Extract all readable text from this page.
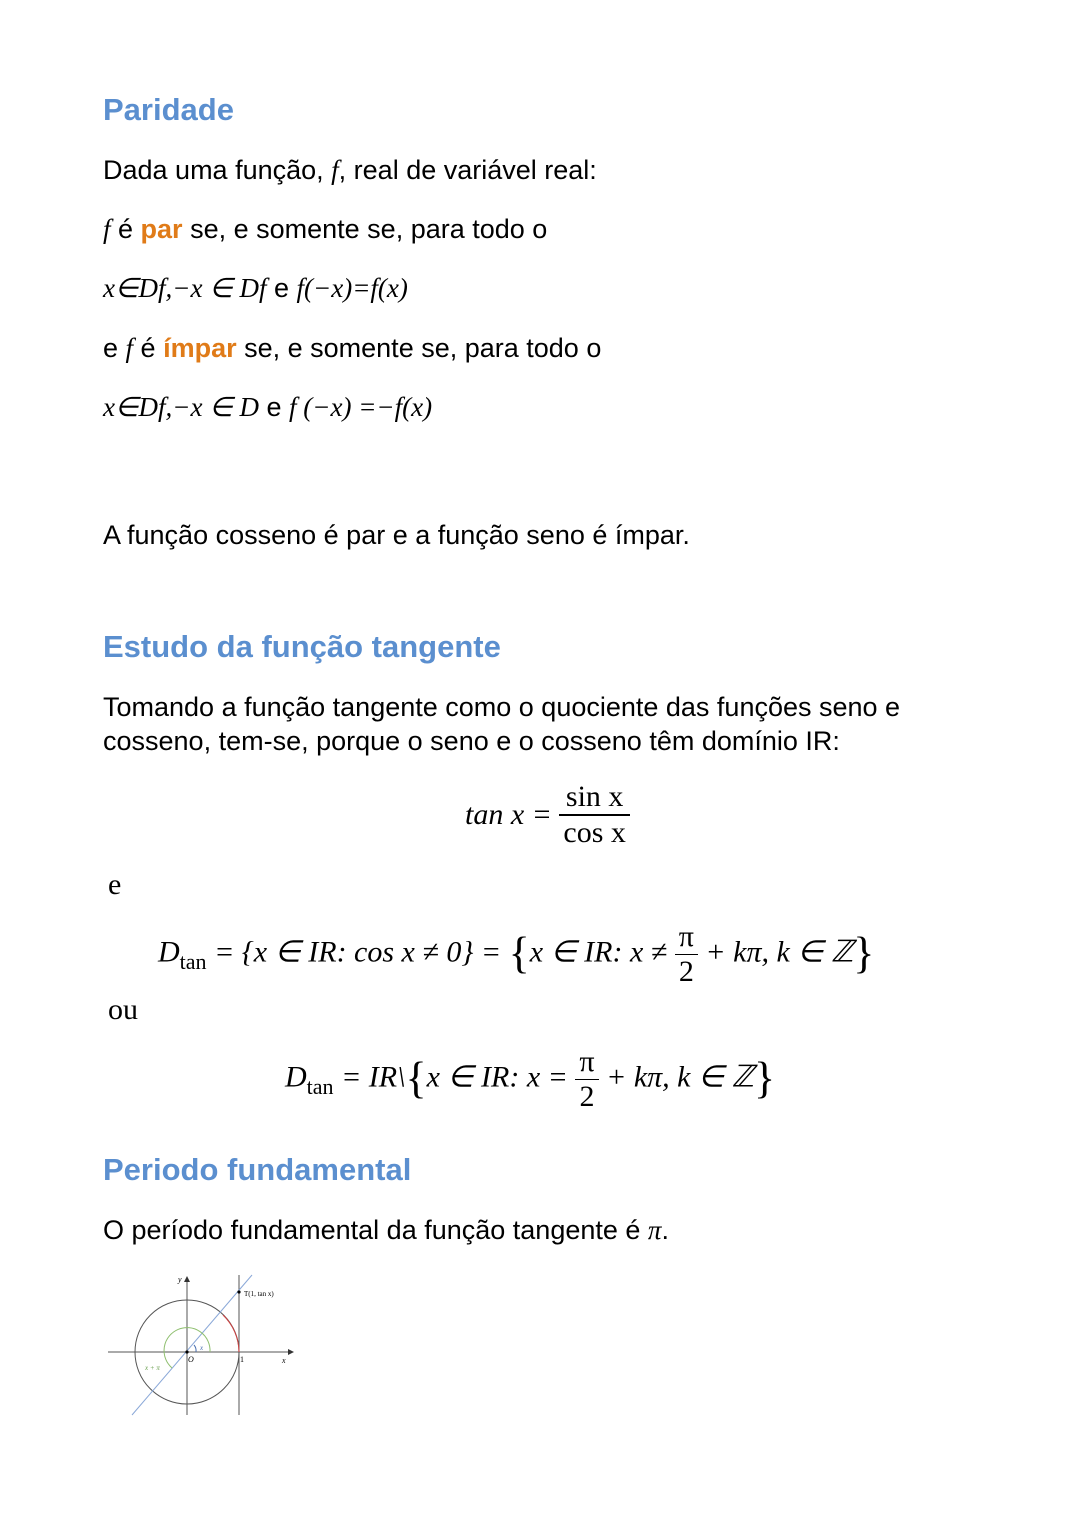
Paridade
Dada uma função, f, real de variável real:
f é par se, e somente se, para todo o
x∈Df,−x ∈ Df e f(−x)=f(x)
e f é ímpar se, e somente se, para todo o
x∈Df,−x ∈ D e f (−x) =−f(x)
A função cosseno é par e a função seno é ímpar.
Estudo da função tangente
Tomando a função tangente como o quociente das funções seno e cosseno, tem-se, porque o seno e o cosseno têm domínio IR:
$\tan x = \frac{\text{sin x}}{\text{cos x}}$
e
$D_{tan} = \{x$ ∈ IR: cos x ≠ 0} = {x ∈ IR: $x \ne \frac{\pi}{2} + k\pi$, k ∈ ℤ}
ou
$D_{tan}$ = IR\{x ∈ IR: $x = \frac{\pi}{2} + k\pi$, k ∈ ℤ}
Periodo fundamental
O período fundamental da função tangente é π.
y
x
O	1
T(1, tan x)
x
x + π
